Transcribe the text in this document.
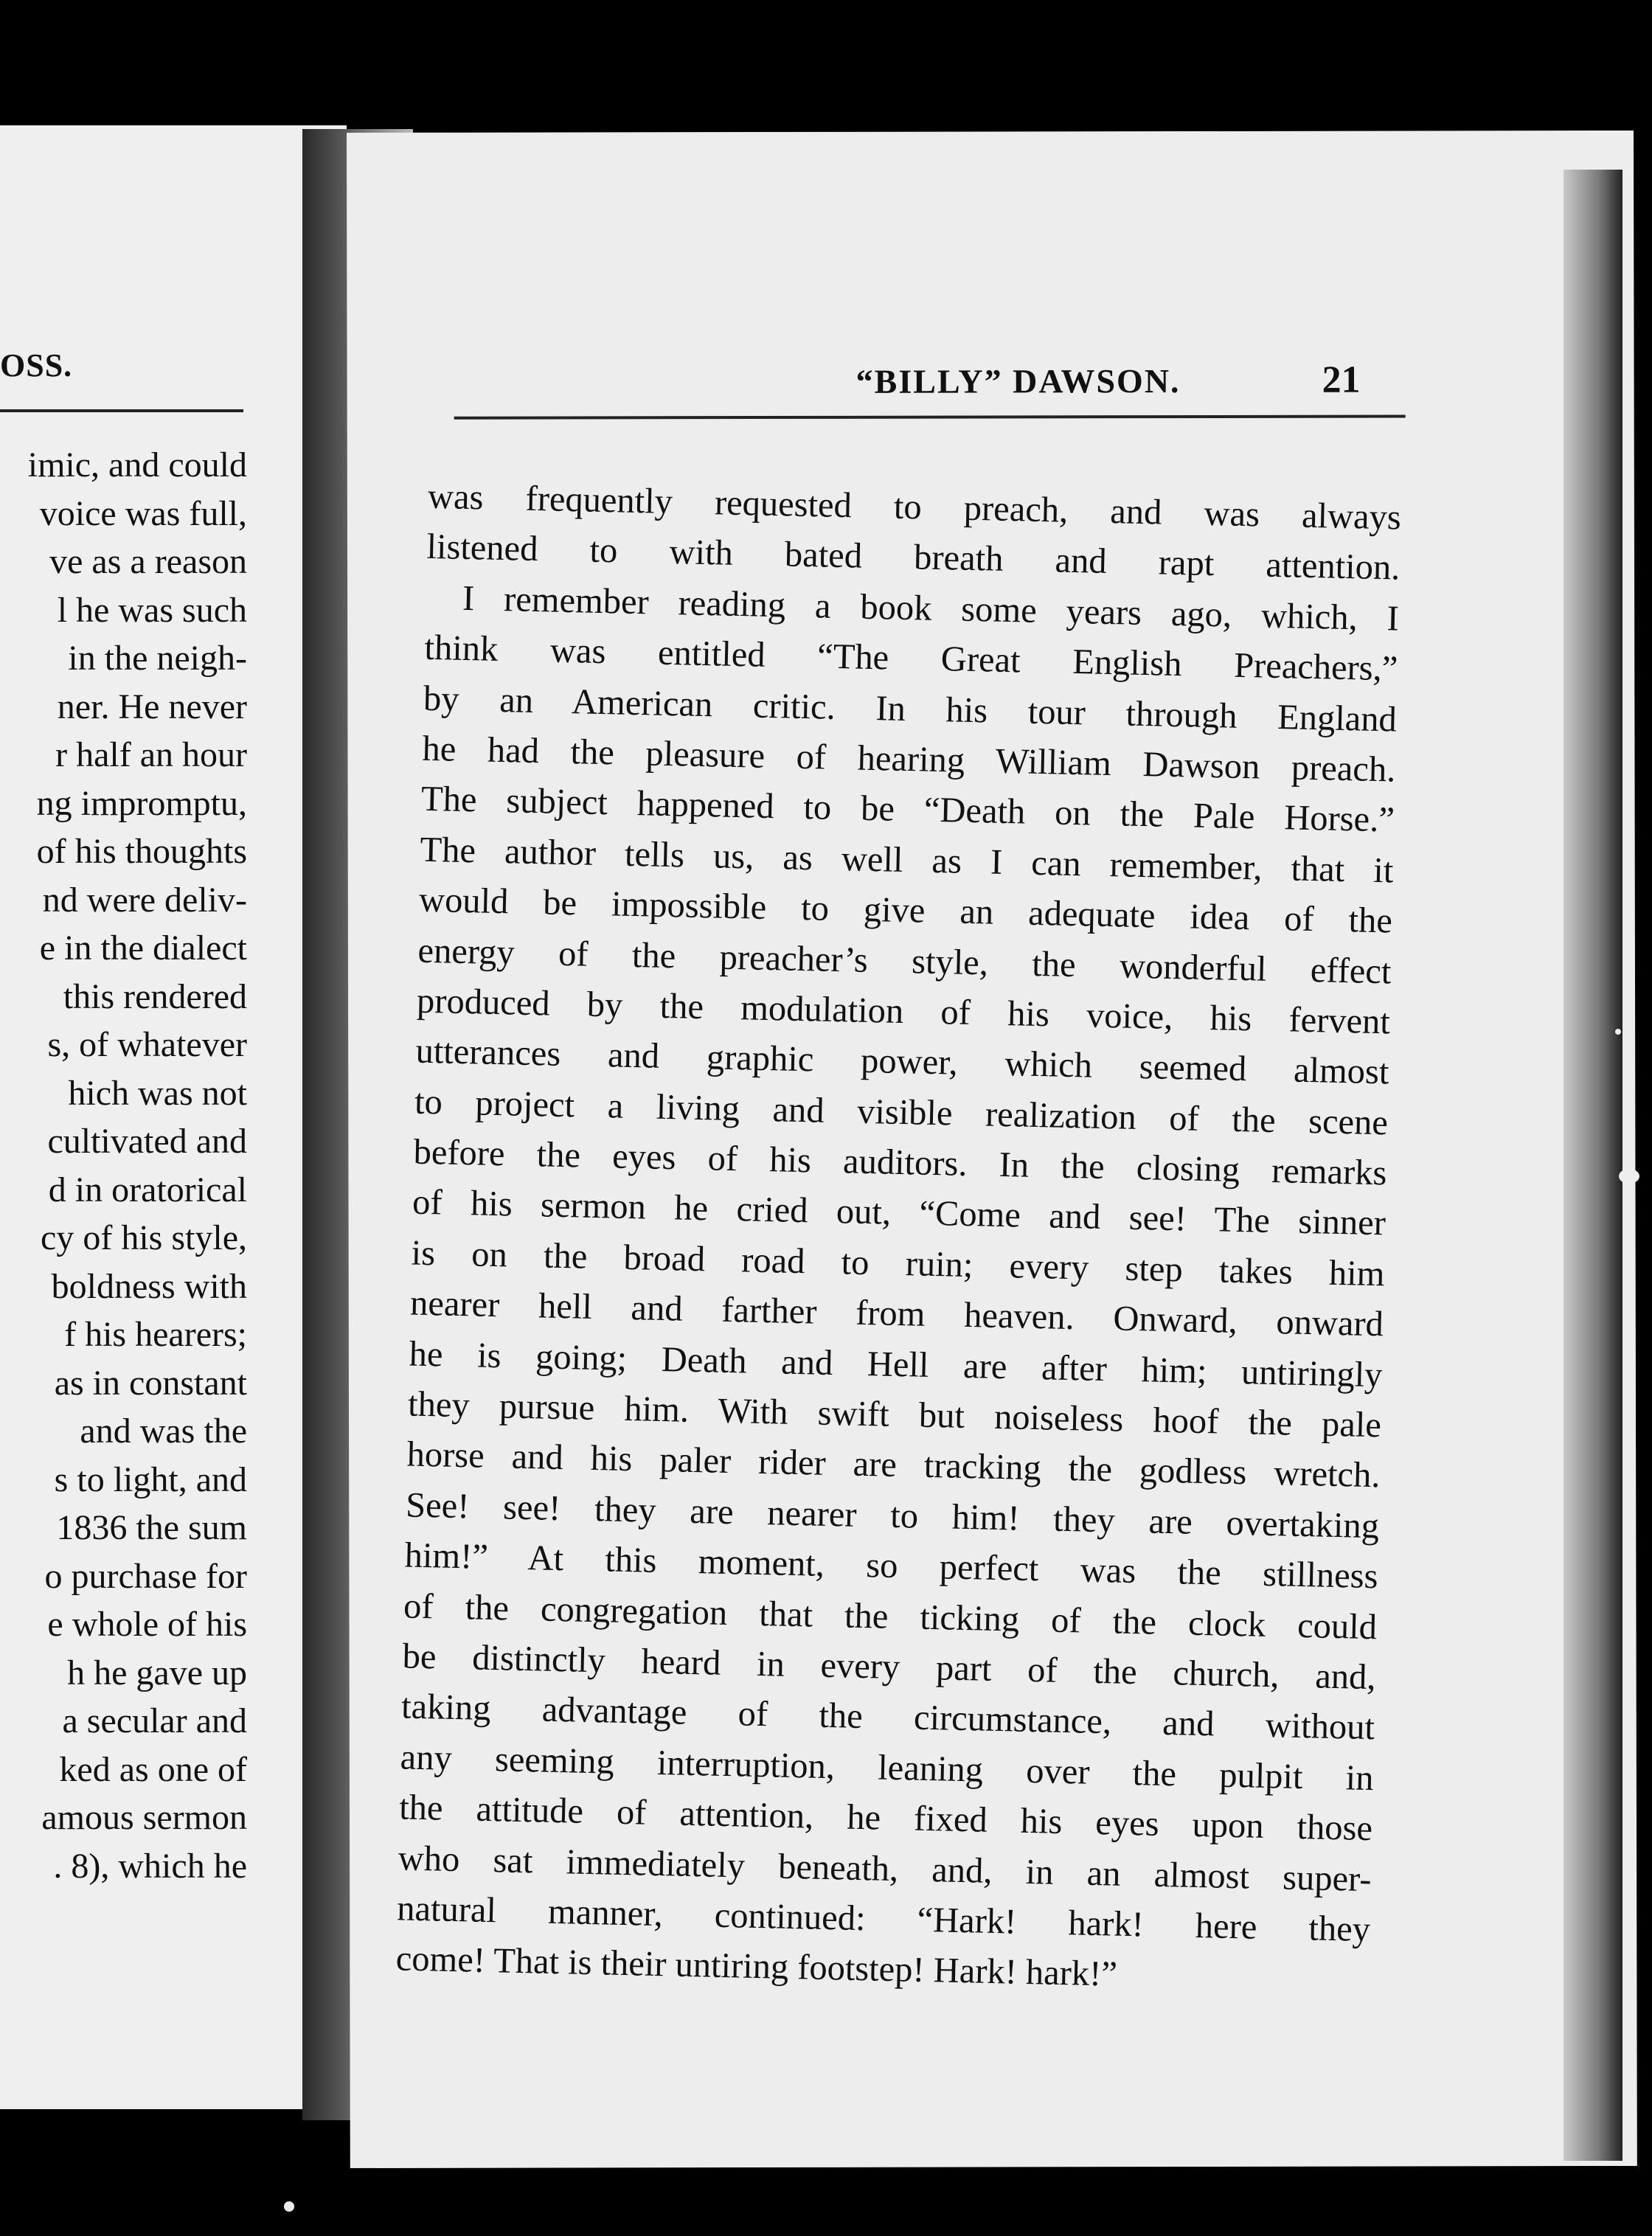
OSS.
imic, and could
voice was full,
ve as a reason
l he was such
in the neigh-
ner. He never
r half an hour
ng impromptu,
of his thoughts
nd were deliv-
e in the dialect
this rendered
s, of whatever
hich was not
cultivated and
d in oratorical
cy of his style,
boldness with
f his hearers;
as in constant
and was the
s to light, and
1836 the sum
o purchase for
e whole of his
h he gave up
a secular and
ked as one of
amous sermon
. 8), which he
“BILLY” DAWSON.	21
was frequently requested to preach, and was always
listened to with bated breath and rapt attention.
I remember reading a book some years ago, which, I
think was entitled “The Great English Preachers,”
by an American critic. In his tour through England
he had the pleasure of hearing William Dawson preach.
The subject happened to be “Death on the Pale Horse.”
The author tells us, as well as I can remember, that it
would be impossible to give an adequate idea of the
energy of the preacher’s style, the wonderful effect
produced by the modulation of his voice, his fervent
utterances and graphic power, which seemed almost
to project a living and visible realization of the scene
before the eyes of his auditors. In the closing remarks
of his sermon he cried out, “Come and see! The sinner
is on the broad road to ruin; every step takes him
nearer hell and farther from heaven. Onward, onward
he is going; Death and Hell are after him; untiringly
they pursue him. With swift but noiseless hoof the pale
horse and his paler rider are tracking the godless wretch.
See! see! they are nearer to him! they are overtaking
him!” At this moment, so perfect was the stillness
of the congregation that the ticking of the clock could
be distinctly heard in every part of the church, and,
taking advantage of the circumstance, and without
any seeming interruption, leaning over the pulpit in
the attitude of attention, he fixed his eyes upon those
who sat immediately beneath, and, in an almost super-
natural manner, continued: “Hark! hark! here they
come! That is their untiring footstep! Hark! hark!”
